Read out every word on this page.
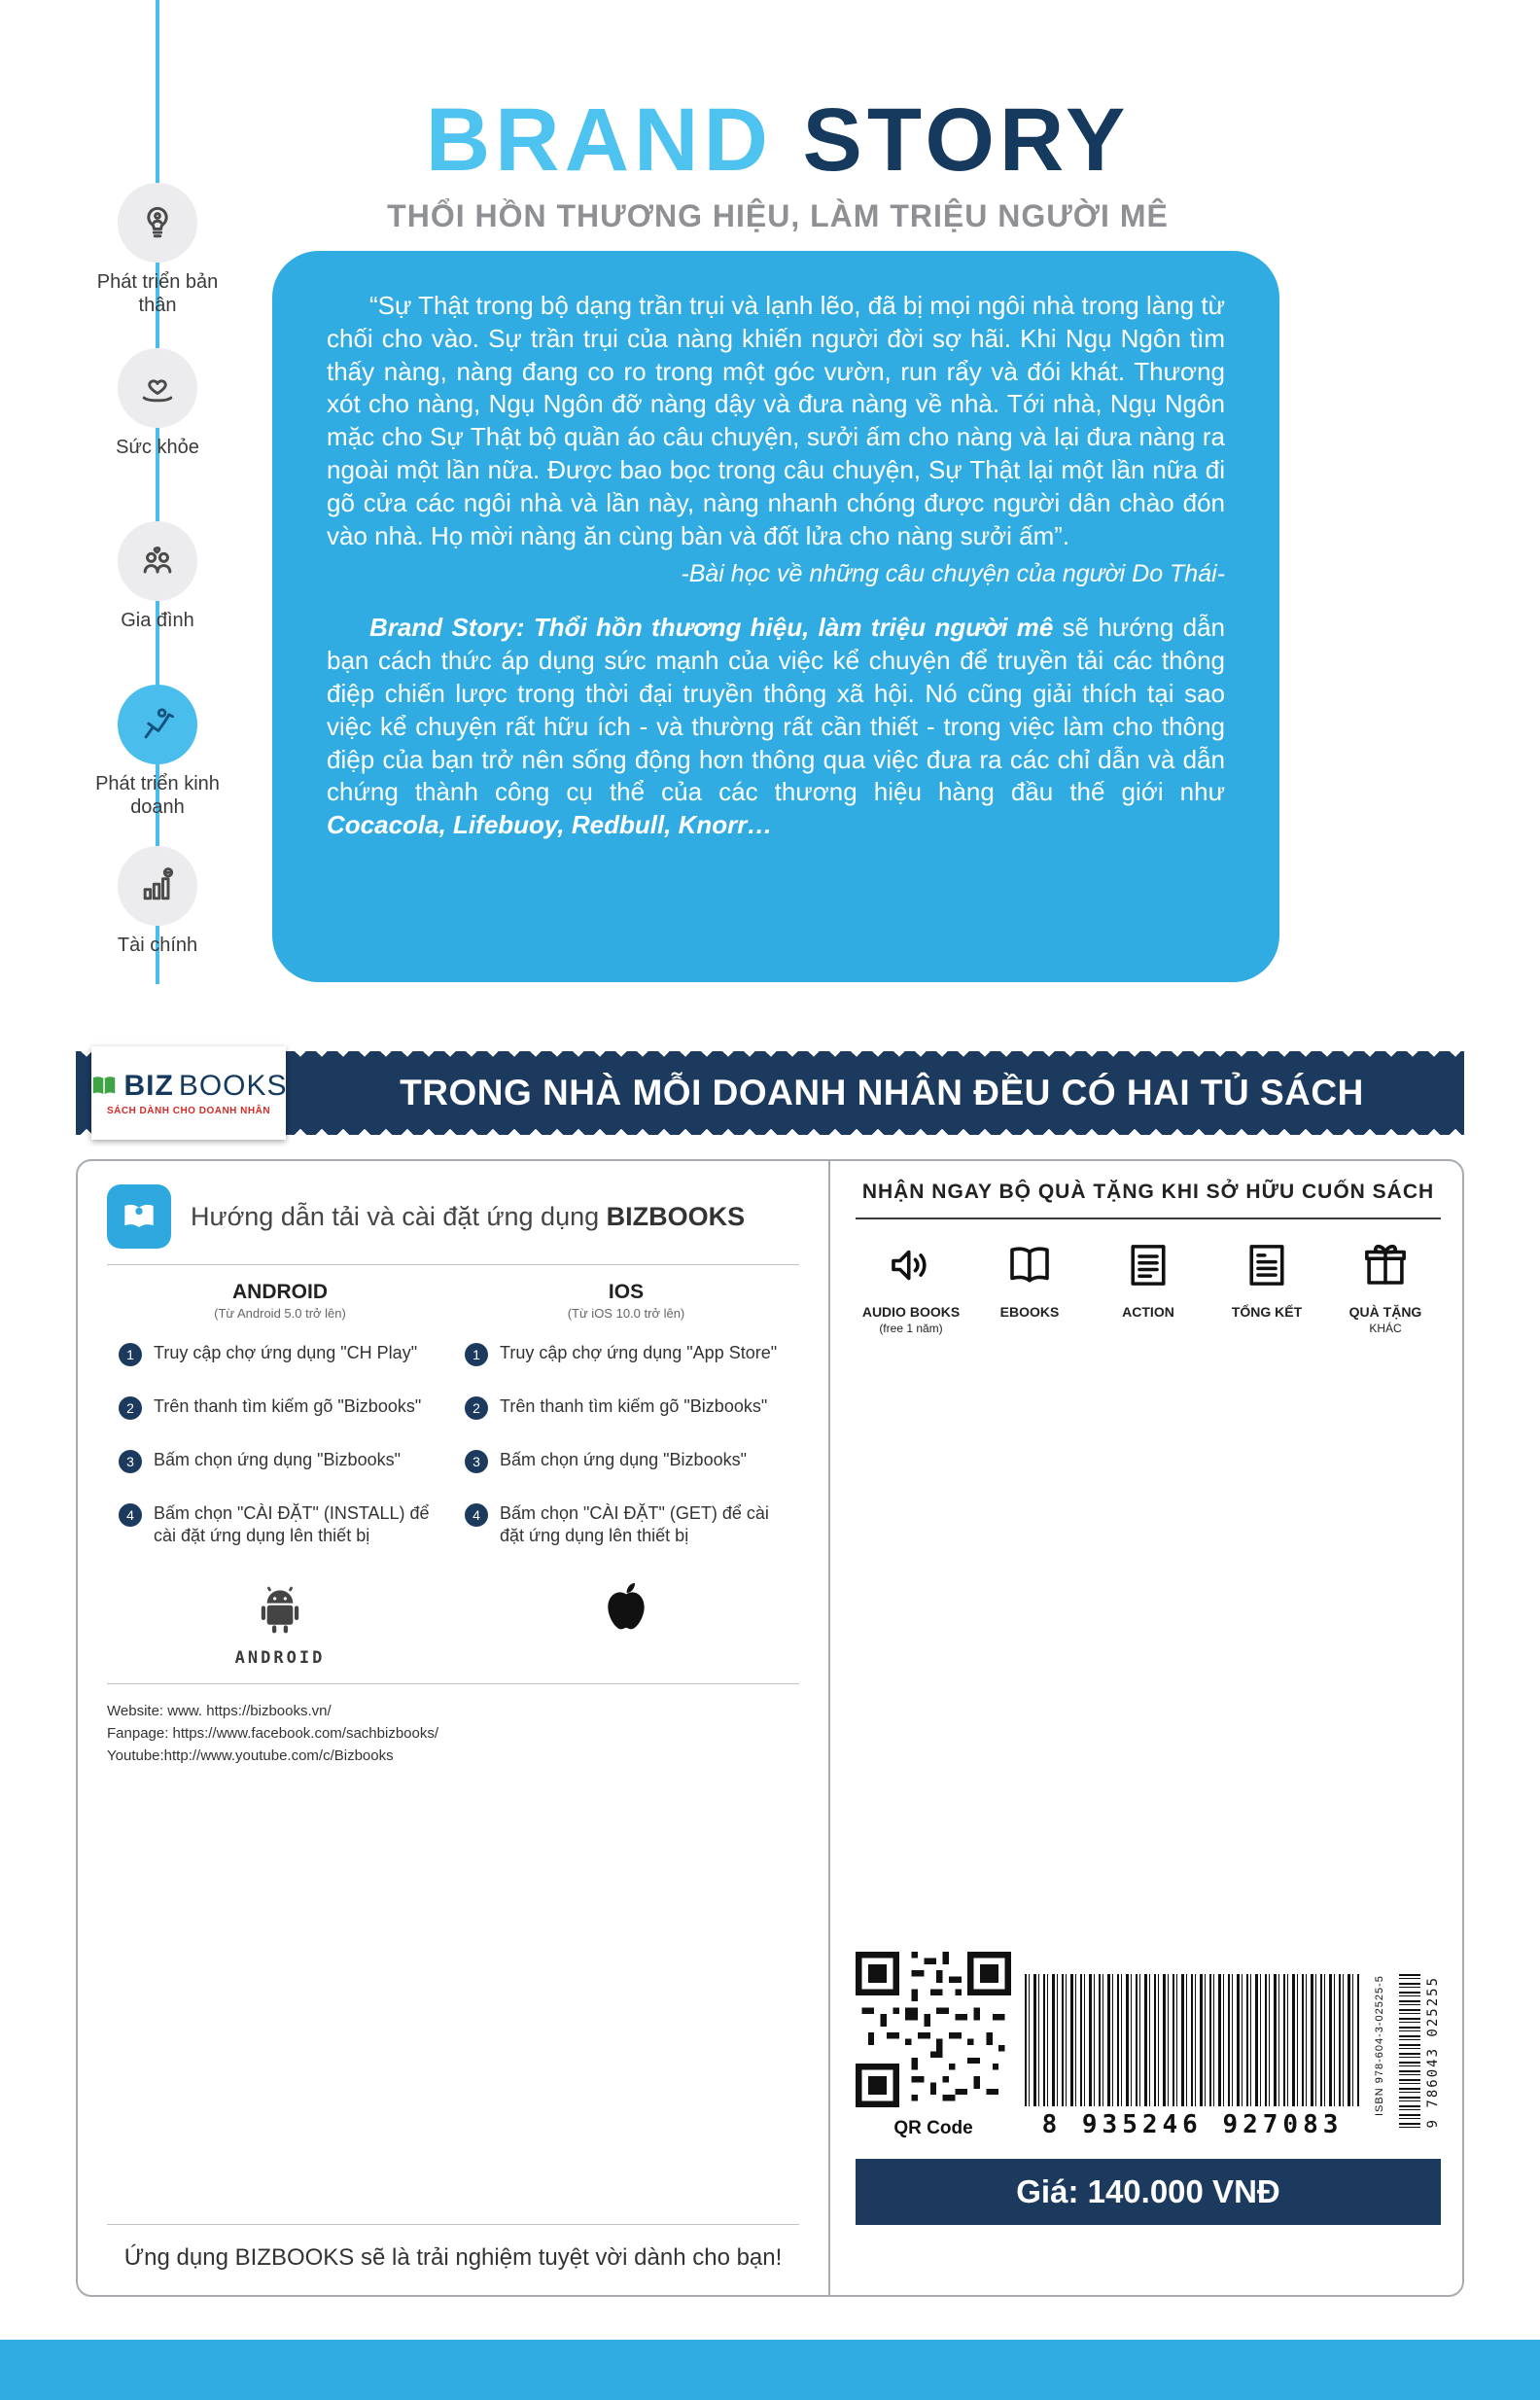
Phát triển bản thân
Sức khỏe
Gia đình
Phát triển kinh doanh
Tài chính
BRAND STORY
THỔI HỒN THƯƠNG HIỆU, LÀM TRIỆU NGƯỜI MÊ

“Sự Thật trong bộ dạng trần trụi và lạnh lẽo, đã bị mọi ngôi nhà trong làng từ chối cho vào. Sự trần trụi của nàng khiến người đời sợ hãi. Khi Ngụ Ngôn tìm thấy nàng, nàng đang co ro trong một góc vườn, run rẩy và đói khát. Thương xót cho nàng, Ngụ Ngôn đỡ nàng dậy và đưa nàng về nhà. Tới nhà, Ngụ Ngôn mặc cho Sự Thật bộ quần áo câu chuyện, sưởi ấm cho nàng và lại đưa nàng ra ngoài một lần nữa. Được bao bọc trong câu chuyện, Sự Thật lại một lần nữa đi gõ cửa các ngôi nhà và lần này, nàng nhanh chóng được người dân chào đón vào nhà. Họ mời nàng ăn cùng bàn và đốt lửa cho nàng sưởi ấm”.

-Bài học về những câu chuyện của người Do Thái-

Brand Story: Thổi hồn thương hiệu, làm triệu người mê sẽ hướng dẫn bạn cách thức áp dụng sức mạnh của việc kể chuyện để truyền tải các thông điệp chiến lược trong thời đại truyền thông xã hội. Nó cũng giải thích tại sao việc kể chuyện rất hữu ích - và thường rất cần thiết - trong việc làm cho thông điệp của bạn trở nên sống động hơn thông qua việc đưa ra các chỉ dẫn và dẫn chứng thành công cụ thể của các thương hiệu hàng đầu thế giới như Cocacola, Lifebuoy, Redbull, Knorr…

BIZ BOOKS
SÁCH DÀNH CHO DOANH NHÂN	TRONG NHÀ MỖI DOANH NHÂN ĐỀU CÓ HAI TỦ SÁCH
Hướng dẫn tải và cài đặt ứng dụng BIZBOOKS
ANDROID
(Từ Android 5.0 trở lên)
1	Truy cập chợ ứng dụng "CH Play"
2	Trên thanh tìm kiếm gõ "Bizbooks"
3	Bấm chọn ứng dụng "Bizbooks"
4	Bấm chọn "CÀI ĐẶT" (INSTALL) để cài đặt ứng dụng lên thiết bị
ANDROID
IOS
(Từ iOS 10.0 trở lên)
1	Truy cập chợ ứng dụng "App Store"
2	Trên thanh tìm kiếm gõ "Bizbooks"
3	Bấm chọn ứng dụng "Bizbooks"
4	Bấm chọn "CÀI ĐẶT" (GET) để cài đặt ứng dụng lên thiết bị
Website: www. https://bizbooks.vn/
Fanpage: https://www.facebook.com/sachbizbooks/
Youtube:http://www.youtube.com/c/Bizbooks
Ứng dụng BIZBOOKS sẽ là trải nghiệm tuyệt vời dành cho bạn!
NHẬN NGAY BỘ QUÀ TẶNG KHI SỞ HỮU CUỐN SÁCH
AUDIO BOOKS
(free 1 năm)
EBOOKS	ACTION	TỔNG KẾT	QUÀ TẶNG
KHÁC
QR Code	8 935246 927083
ISBN 978-604-3-02525-5	9 786043 025255
Giá: 140.000 VNĐ
